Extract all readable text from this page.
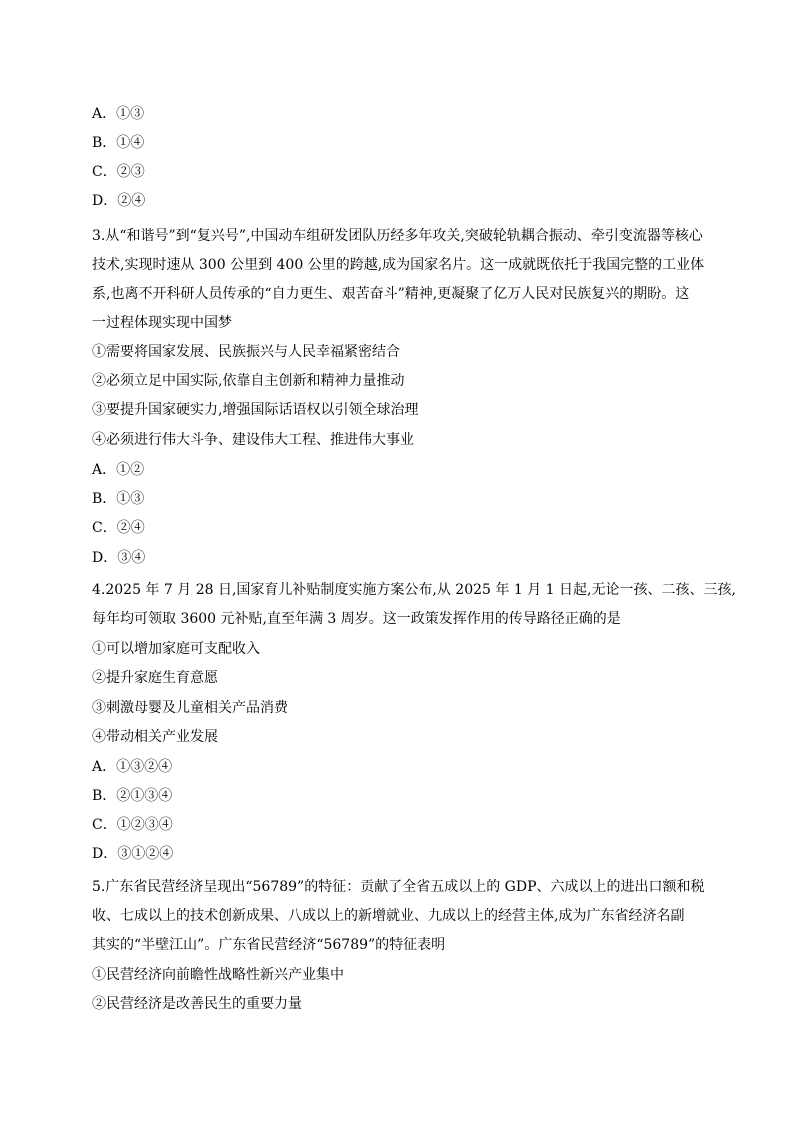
A．①③
B．①④
C．②③
D．②④
3.从“和谐号”到“复兴号”,中国动车组研发团队历经多年攻关,突破轮轨耦合振动、牵引变流器等核心
技术,实现时速从 300 公里到 400 公里的跨越,成为国家名片。这一成就既依托于我国完整的工业体
系,也离不开科研人员传承的“自力更生、艰苦奋斗”精神,更凝聚了亿万人民对民族复兴的期盼。这
一过程体现实现中国梦
①需要将国家发展、民族振兴与人民幸福紧密结合
②必须立足中国实际,依靠自主创新和精神力量推动
③要提升国家硬实力,增强国际话语权以引领全球治理
④必须进行伟大斗争、建设伟大工程、推进伟大事业
A．①②
B．①③
C．②④
D．③④
4.2025 年 7 月 28 日,国家育儿补贴制度实施方案公布,从 2025 年 1 月 1 日起,无论一孩、二孩、三孩,
每年均可领取 3600 元补贴,直至年满 3 周岁。这一政策发挥作用的传导路径正确的是
①可以增加家庭可支配收入
②提升家庭生育意愿
③刺激母婴及儿童相关产品消费
④带动相关产业发展
A．①③②④
B．②①③④
C．①②③④
D．③①②④
5.广东省民营经济呈现出“56789”的特征：贡献了全省五成以上的 GDP、六成以上的进出口额和税
收、七成以上的技术创新成果、八成以上的新增就业、九成以上的经营主体,成为广东省经济名副
其实的“半壁江山”。广东省民营经济“56789”的特征表明
①民营经济向前瞻性战略性新兴产业集中
②民营经济是改善民生的重要力量
